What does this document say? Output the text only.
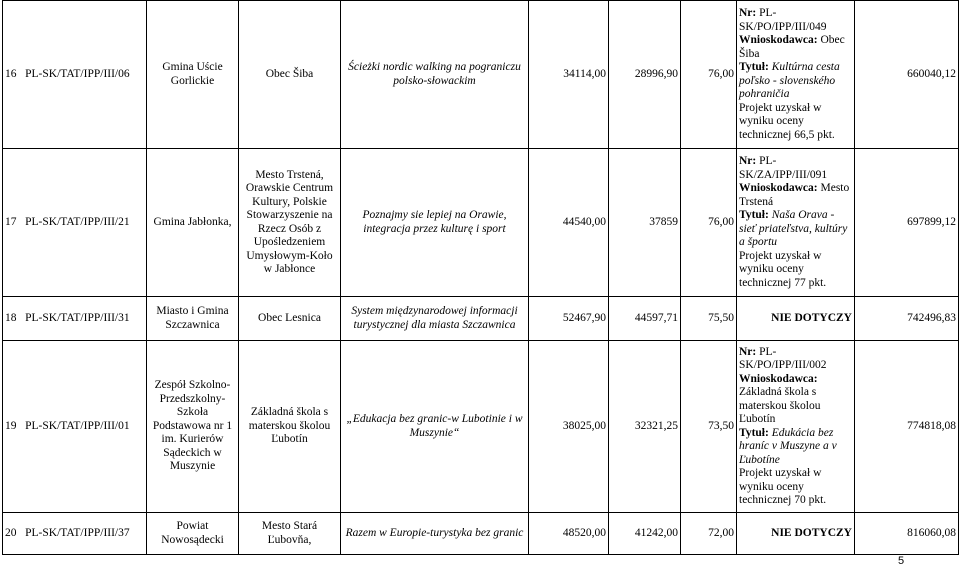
16 PL-SK/TAT/IPP/III/06	Gmina Uście Gorlickie	Obec Šiba	Ścieżki nordic walking na pograniczu polsko-słowackim	34114,00	28996,90	76,00	Nr: PL-SK/PO/IPP/III/049
Wnioskodawca: Obec Šiba
Tytuł: Kultúrna cesta poľsko - slovenského pohraničia
Projekt uzyskał w wyniku oceny technicznej 66,5 pkt.	660040,12
17 PL-SK/TAT/IPP/III/21	Gmina Jabłonka,	Mesto Trstená, Orawskie Centrum Kultury, Polskie Stowarzyszenie na Rzecz Osób z Upośledzeniem Umysłowym-Koło w Jabłonce	Poznajmy sie lepiej na Orawie, integracja przez kulturę i sport	44540,00	37859	76,00	Nr: PL-SK/ZA/IPP/III/091
Wnioskodawca: Mesto Trstená
Tytuł: Naša Orava - sieť priateľstva, kultúry a športu
Projekt uzyskał w wyniku oceny technicznej 77 pkt.	697899,12
18 PL-SK/TAT/IPP/III/31	Miasto i Gmina Szczawnica	Obec Lesnica	System międzynarodowej informacji turystycznej dla miasta Szczawnica	52467,90	44597,71	75,50	NIE DOTYCZY	742496,83
19 PL-SK/TAT/IPP/III/01	Zespół Szkolno-Przedszkolny-Szkoła Podstawowa nr 1 im. Kurierów Sądeckich w Muszynie	Základná škola s materskou školou Ľubotín	„Edukacja bez granic-w Lubotinie i w Muszynie“	38025,00	32321,25	73,50	Nr: PL-SK/PO/IPP/III/002
Wnioskodawca: Základná škola s materskou školou Ľubotín
Tytuł: Edukácia bez hraníc v Muszyne a v Ľubotíne
Projekt uzyskał w wyniku oceny technicznej 70 pkt.	774818,08
20 PL-SK/TAT/IPP/III/37	Powiat Nowosądecki	Mesto Stará Ľubovňa,	Razem w Europie-turystyka bez granic	48520,00	41242,00	72,00	NIE DOTYCZY	816060,08
5
